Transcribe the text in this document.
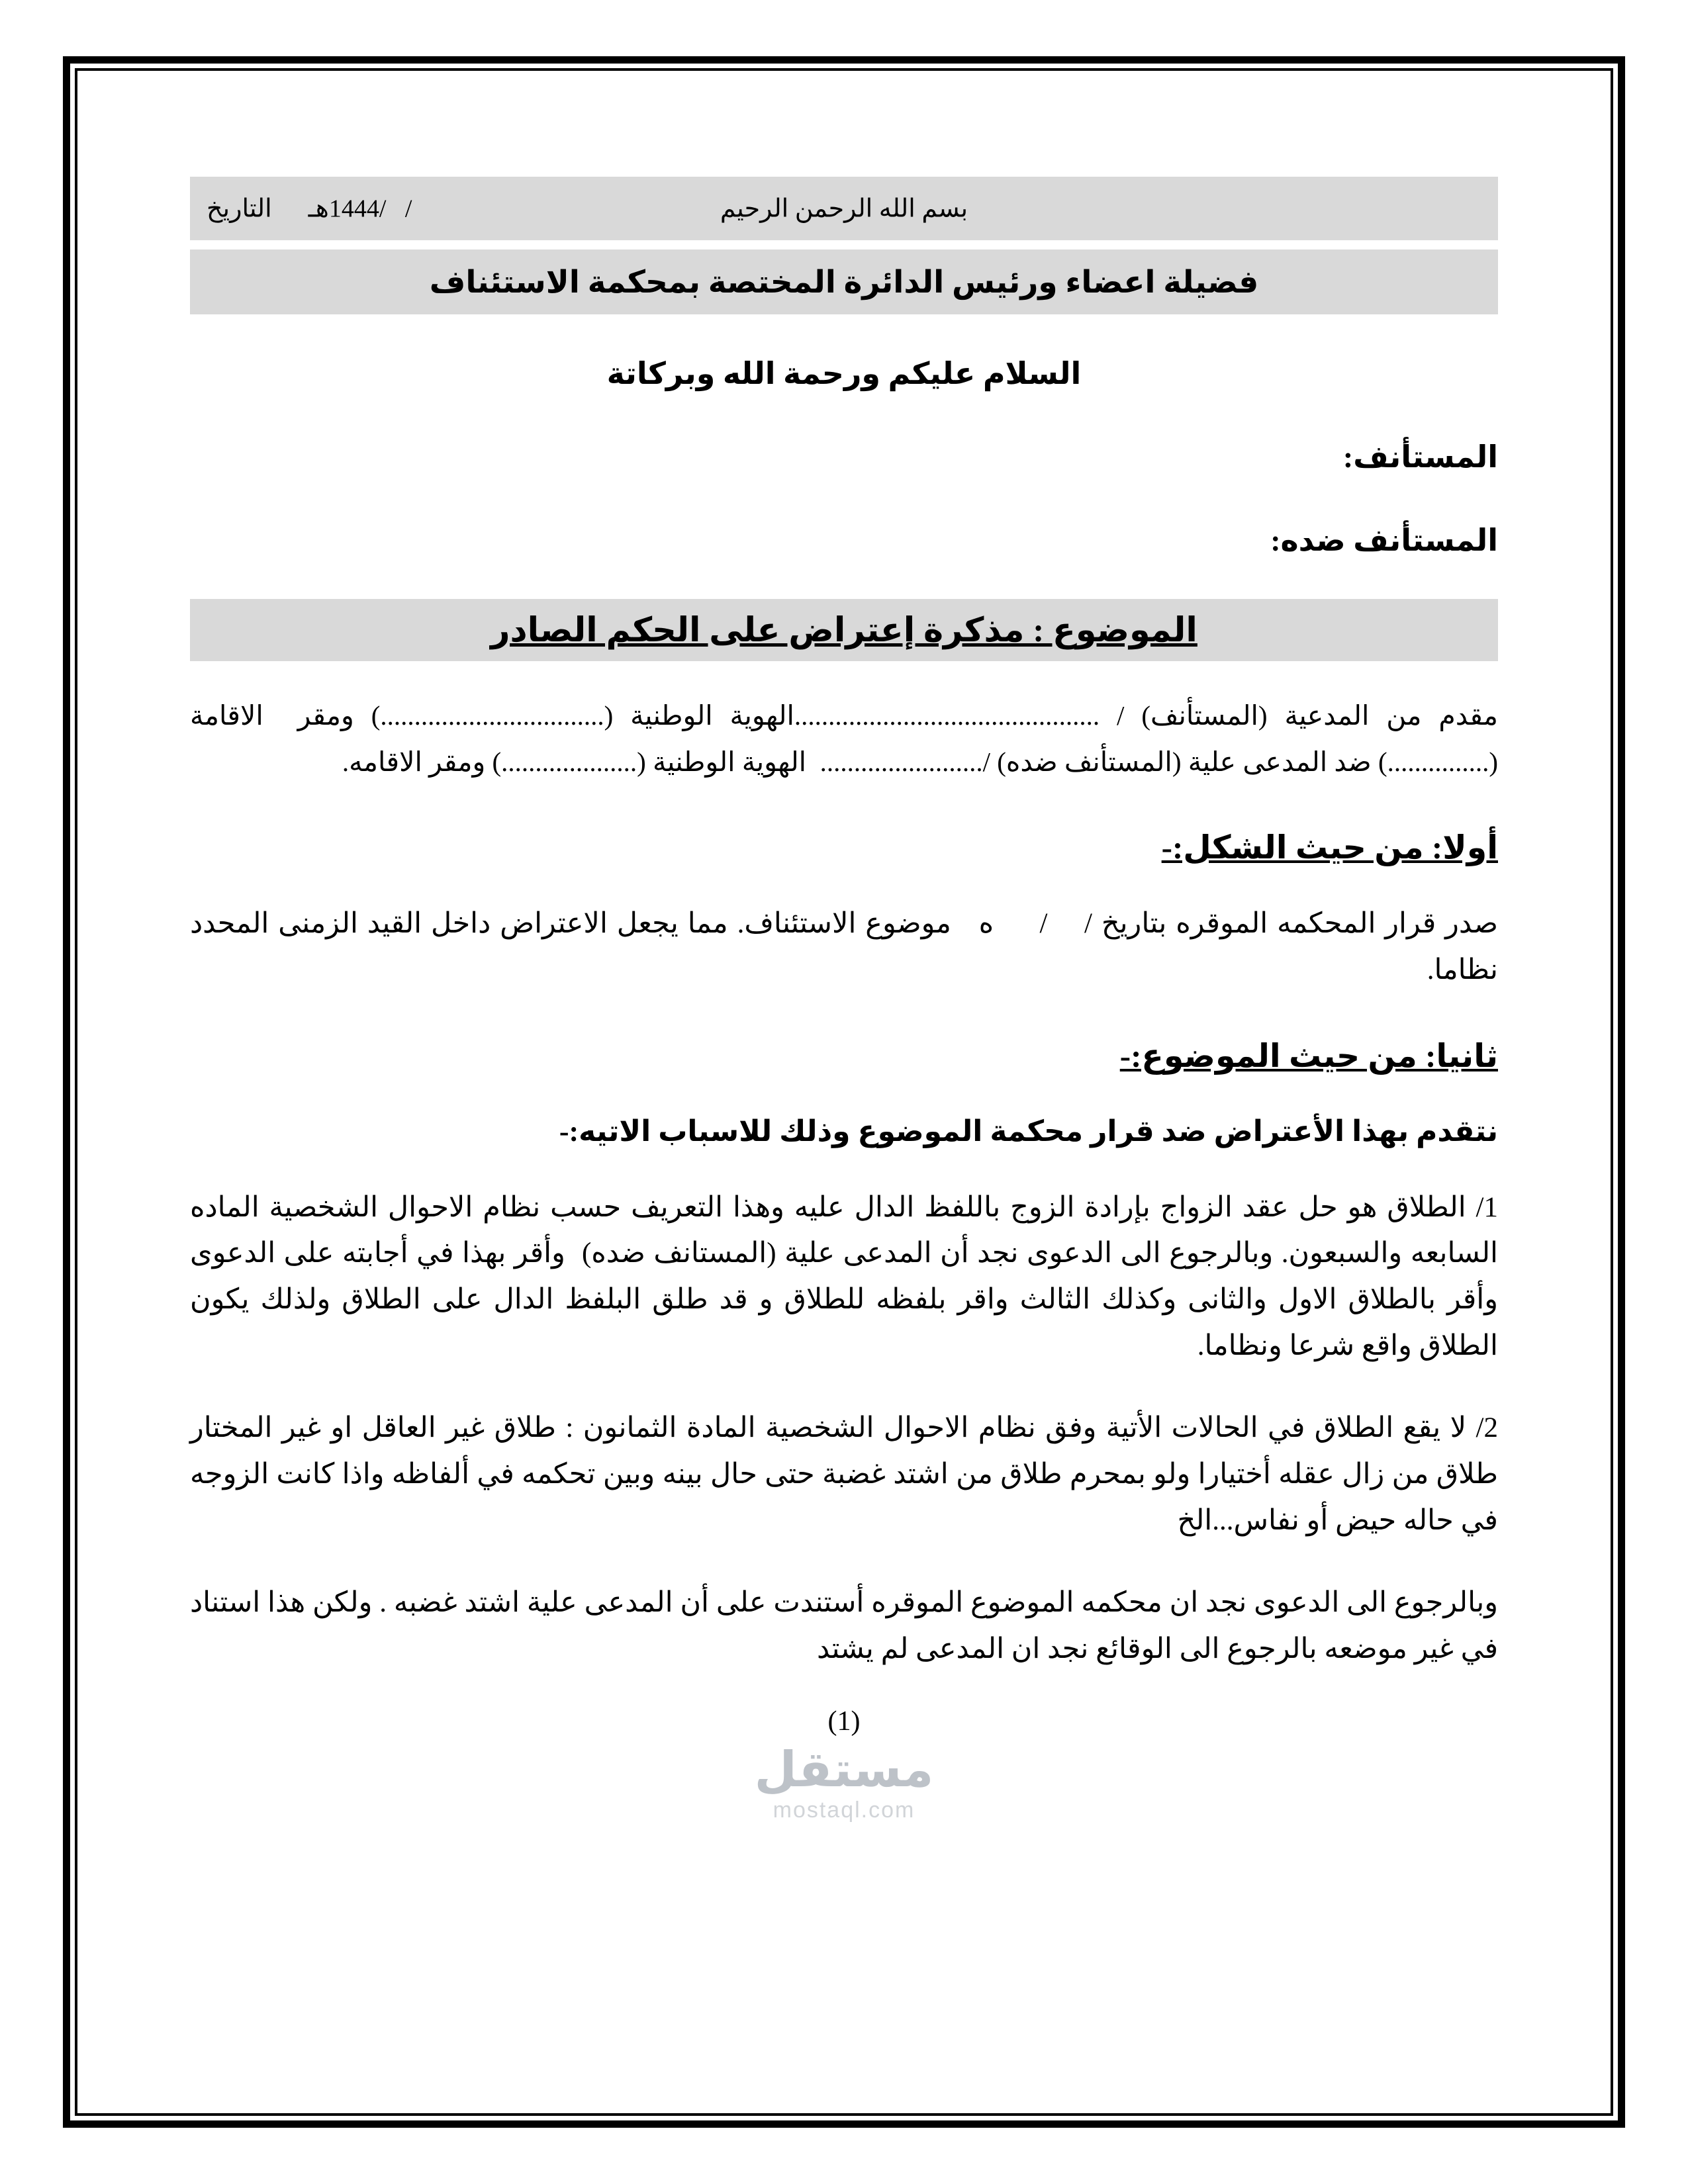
بسم الله الرحمن الرحيم
التاريخ /   /1444هـ
فضيلة اعضاء ورئيس الدائرة المختصة بمحكمة الاستئناف
السلام عليكم ورحمة الله وبركاتة
المستأنف:
المستأنف ضده:
الموضوع : مذكرة إعتراض على الحكم الصادر
مقدم من المدعية (المستأنف) / .............................................الهوية الوطنية (.................................) ومقر  الاقامة (...............) ضد المدعى علية (المستأنف ضده) /........................  الهوية الوطنية (....................) ومقر الاقامه.
أولا: من حيث الشكل:-
صدر قرار المحكمه الموقره بتاريخ /    /     ه   موضوع الاستئناف. مما يجعل الاعتراض داخل القيد الزمنى المحدد نظاما.
ثانيا: من حيث الموضوع:-
نتقدم بهذا الأعتراض ضد قرار محكمة الموضوع وذلك للاسباب الاتيه:-
1/ الطلاق هو حل عقد الزواج بإرادة الزوج باللفظ الدال عليه وهذا التعريف حسب نظام الاحوال الشخصية الماده السابعه والسبعون. وبالرجوع الى الدعوى نجد أن المدعى علية (المستانف ضده)  وأقر بهذا في أجابته على الدعوى وأقر بالطلاق الاول والثانى وكذلك الثالث واقر بلفظه للطلاق و قد طلق البلفظ الدال على الطلاق ولذلك يكون الطلاق واقع شرعا ونظاما.
2/ لا يقع الطلاق في الحالات الأتية وفق نظام الاحوال الشخصية المادة الثمانون : طلاق غير العاقل او غير المختار طلاق من زال عقله أختيارا ولو بمحرم طلاق من اشتد غضبة حتى حال بينه وبين تحكمه في ألفاظه واذا كانت الزوجه في حاله حيض أو نفاس...الخ
وبالرجوع الى الدعوى نجد ان محكمه الموضوع الموقره أستندت على أن المدعى علية اشتد غضبه . ولكن هذا استناد في غير موضعه بالرجوع الى الوقائع نجد ان المدعى لم يشتد
(1)
مستقل
mostaql.com
